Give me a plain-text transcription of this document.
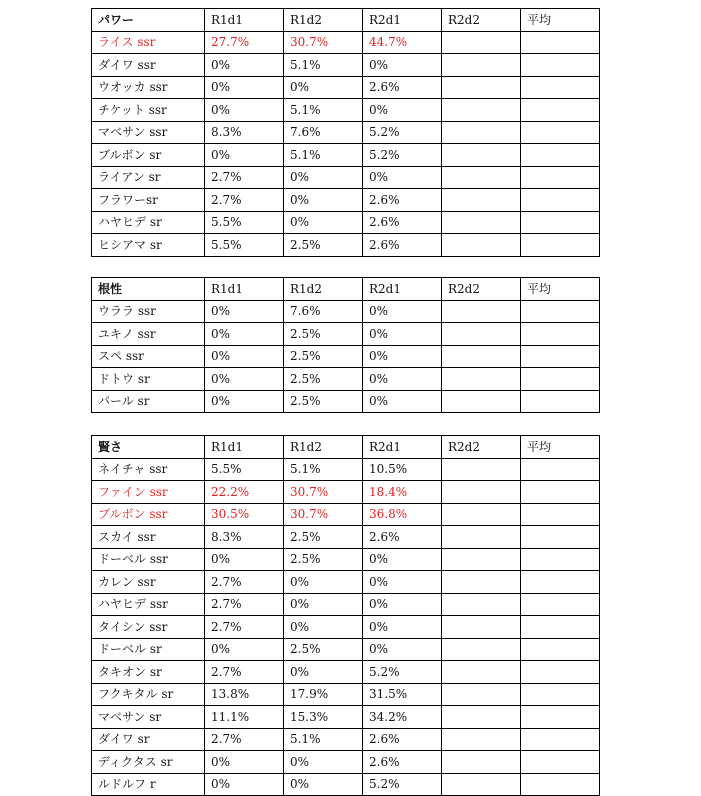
パワー	R1d1	R1d2	R2d1	R2d2	平均
ライス ssr	27.7%	30.7%	44.7%		
ダイワ ssr	0%	5.1%	0%		
ウオッカ ssr	0%	0%	2.6%		
チケット ssr	0%	5.1%	0%		
マベサン ssr	8.3%	7.6%	5.2%		
ブルボン sr	0%	5.1%	5.2%		
ライアン sr	2.7%	0%	0%		
フラワーsr	2.7%	0%	2.6%		
ハヤヒデ sr	5.5%	0%	2.6%		
ヒシアマ sr	5.5%	2.5%	2.6%		
根性	R1d1	R1d2	R2d1	R2d2	平均
ウララ ssr	0%	7.6%	0%		
ユキノ ssr	0%	2.5%	0%		
スペ ssr	0%	2.5%	0%		
ドトウ sr	0%	2.5%	0%		
パール sr	0%	2.5%	0%		
賢さ	R1d1	R1d2	R2d1	R2d2	平均
ネイチャ ssr	5.5%	5.1%	10.5%		
ファイン ssr	22.2%	30.7%	18.4%		
ブルボン ssr	30.5%	30.7%	36.8%		
スカイ ssr	8.3%	2.5%	2.6%		
ドーベル ssr	0%	2.5%	0%		
カレン ssr	2.7%	0%	0%		
ハヤヒデ ssr	2.7%	0%	0%		
タイシン ssr	2.7%	0%	0%		
ドーベル sr	0%	2.5%	0%		
タキオン sr	2.7%	0%	5.2%		
フクキタル sr	13.8%	17.9%	31.5%		
マベサン sr	11.1%	15.3%	34.2%		
ダイワ sr	2.7%	5.1%	2.6%		
ディクタス sr	0%	0%	2.6%		
ルドルフ r	0%	0%	5.2%		
